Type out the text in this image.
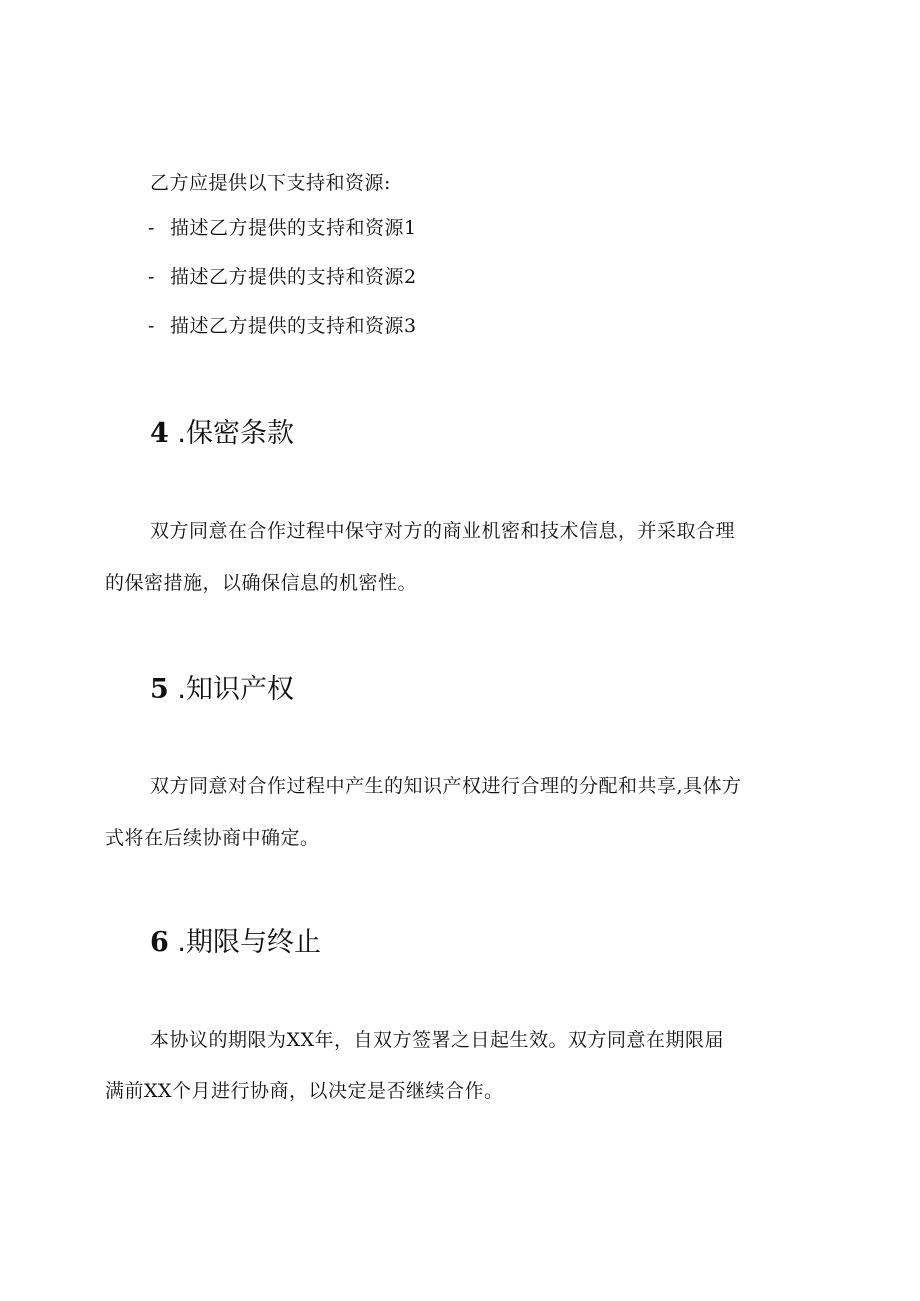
乙方应提供以下支持和资源:
- 描述乙方提供的支持和资源1
- 描述乙方提供的支持和资源2
- 描述乙方提供的支持和资源3
4 .保密条款
双方同意在合作过程中保守对方的商业机密和技术信息，并采取合理
的保密措施，以确保信息的机密性。
5 .知识产权
双方同意对合作过程中产生的知识产权进行合理的分配和共享,具体方
式将在后续协商中确定。
6 .期限与终止
本协议的期限为XX年，自双方签署之日起生效。双方同意在期限届
满前XX个月进行协商，以决定是否继续合作。
